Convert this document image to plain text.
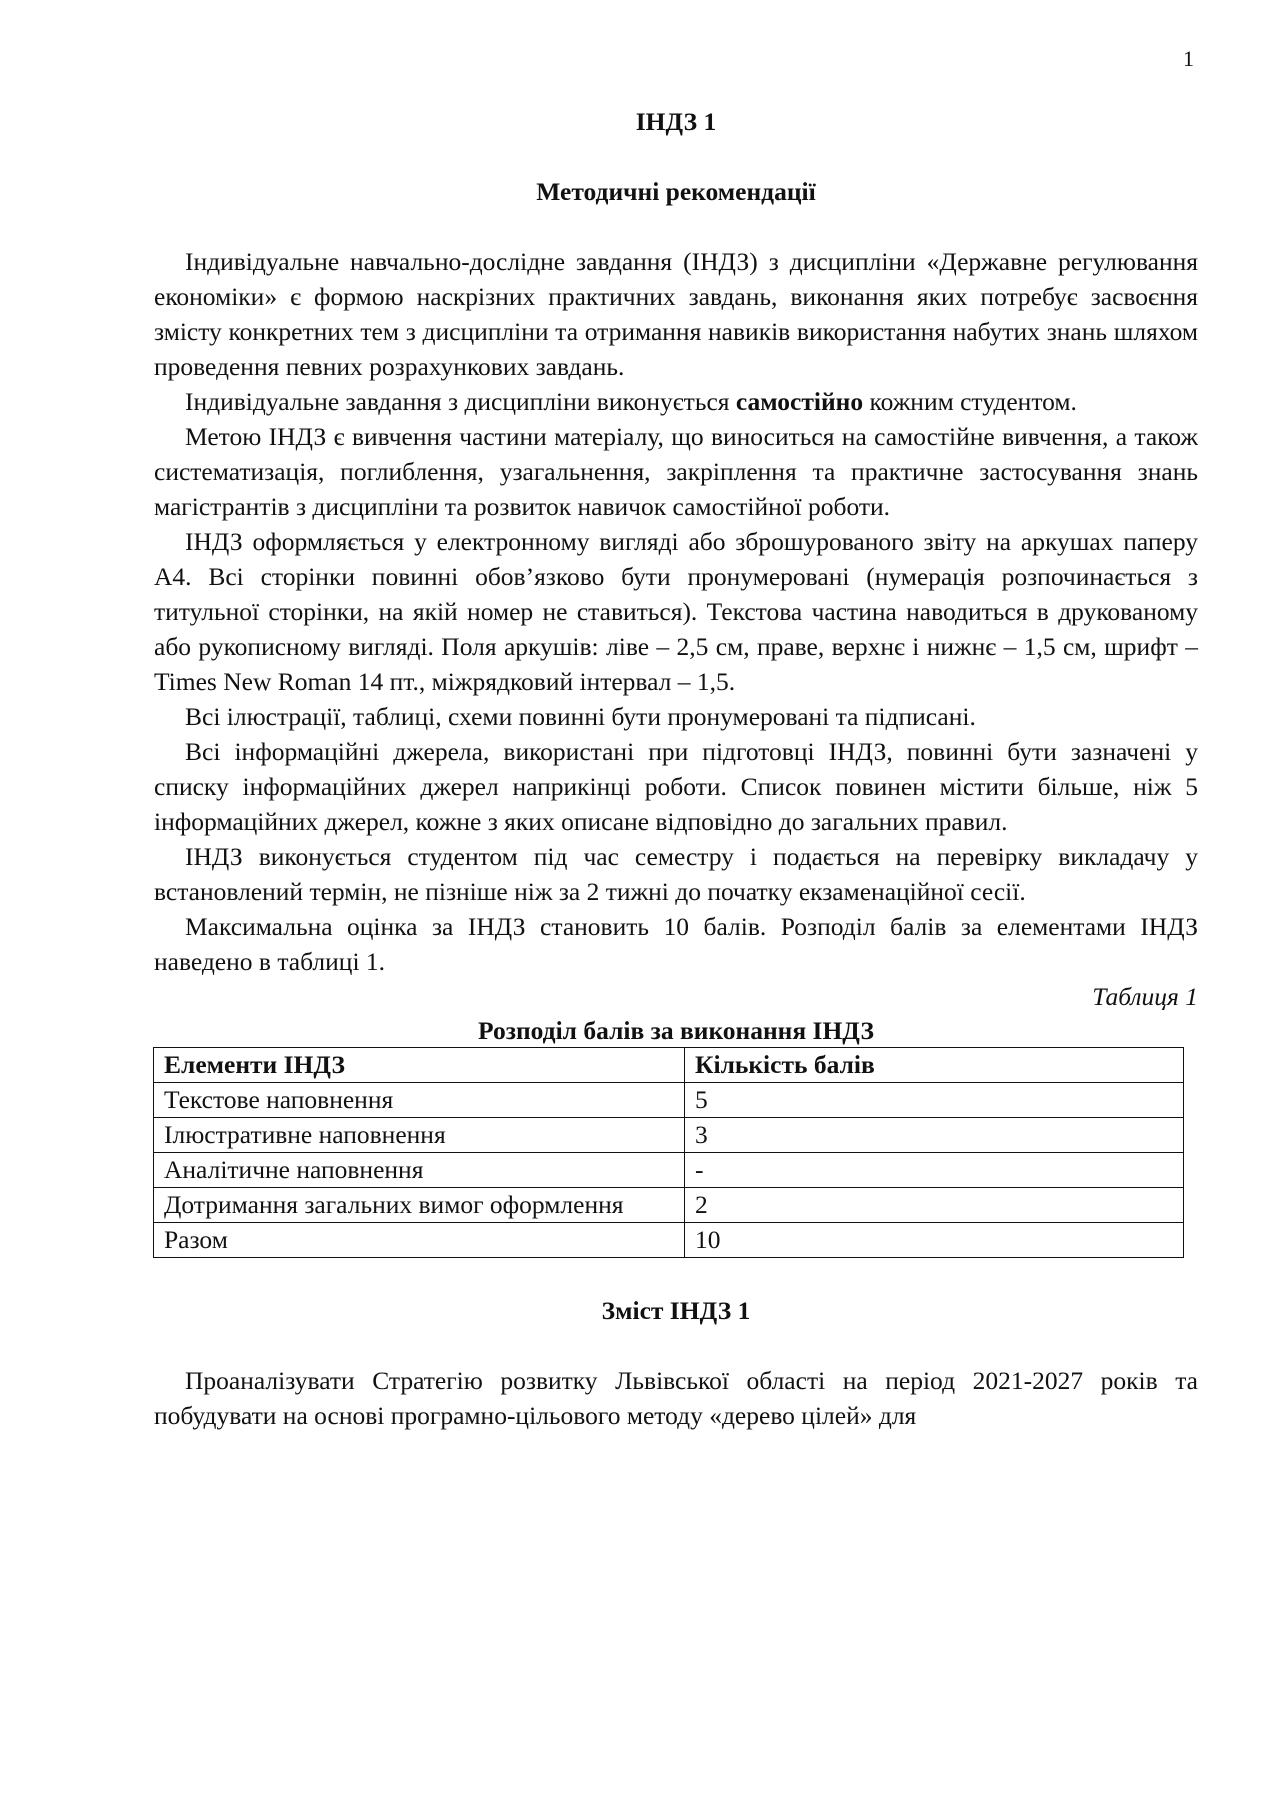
1

ІНДЗ 1

Методичні рекомендації

Індивідуальне навчально-дослідне завдання (ІНДЗ) з дисципліни «Державне регулювання економіки» є формою наскрізних практичних завдань, виконання яких потребує засвоєння змісту конкретних тем з дисципліни та отримання навиків використання набутих знань шляхом проведення певних розрахункових завдань.

Індивідуальне завдання з дисципліни виконується самостійно кожним студентом.

Метою ІНДЗ є вивчення частини матеріалу, що виноситься на самостійне вивчення, а також систематизація, поглиблення, узагальнення, закріплення та практичне застосування знань магістрантів з дисципліни та розвиток навичок самостійної роботи.

ІНДЗ оформляється у електронному вигляді або зброшурованого звіту на аркушах паперу А4. Всі сторінки повинні обов’язково бути пронумеровані (нумерація розпочинається з титульної сторінки, на якій номер не ставиться). Текстова частина наводиться в друкованому або рукописному вигляді. Поля аркушів: ліве – 2,5 см, праве, верхнє і нижнє – 1,5 см, шрифт – Times New Roman 14 пт., міжрядковий інтервал – 1,5.

Всі ілюстрації, таблиці, схеми повинні бути пронумеровані та підписані.

Всі інформаційні джерела, використані при підготовці ІНДЗ, повинні бути зазначені у списку інформаційних джерел наприкінці роботи. Список повинен містити більше, ніж 5 інформаційних джерел, кожне з яких описане відповідно до загальних правил.

ІНДЗ виконується студентом під час семестру і подається на перевірку викладачу у встановлений термін, не пізніше ніж за 2 тижні до початку екзаменаційної сесії.

Максимальна оцінка за ІНДЗ становить 10 балів. Розподіл балів за елементами ІНДЗ наведено в таблиці 1.

Таблиця 1

Розподіл балів за виконання ІНДЗ

Елементи ІНДЗ	Кількість балів
Текстове наповнення	5
Ілюстративне наповнення	3
Аналітичне наповнення	-
Дотримання загальних вимог оформлення	2
Разом	10

Зміст ІНДЗ 1

Проаналізувати Стратегію розвитку Львівської області на період 2021-2027 років та побудувати на основі програмно-цільового методу «дерево цілей» для
